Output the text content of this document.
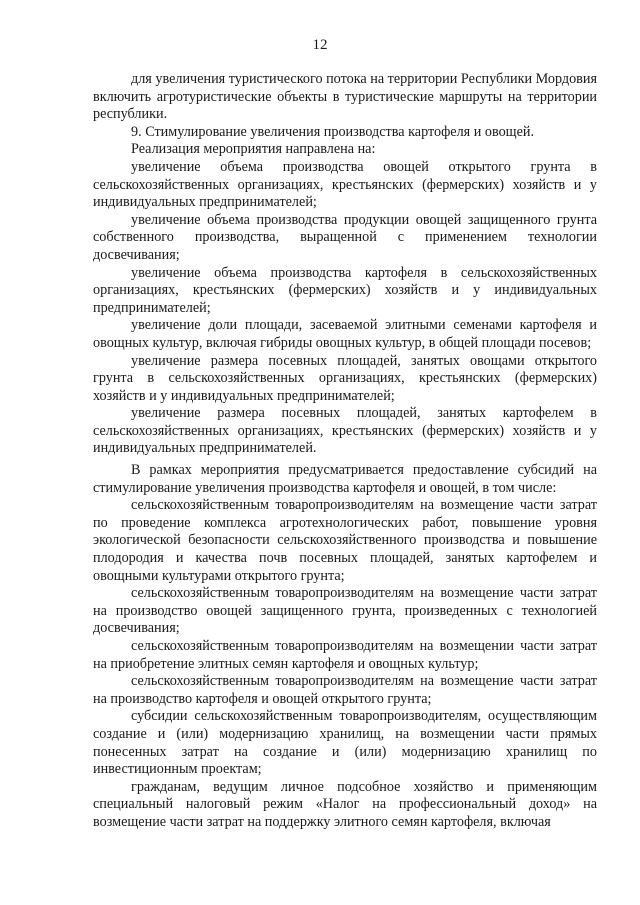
12

для увеличения туристического потока на территории Республики Мордовия включить агротуристические объекты в туристические маршруты на территории республики.

9. Стимулирование увеличения производства картофеля и овощей.

Реализация мероприятия направлена на:

увеличение объема производства овощей открытого грунта в сельскохозяйственных организациях, крестьянских (фермерских) хозяйств и у индивидуальных предпринимателей;

увеличение объема производства продукции овощей защищенного грунта собственного производства, выращенной с применением технологии досвечивания;

увеличение объема производства картофеля в сельскохозяйственных организациях, крестьянских (фермерских) хозяйств и у индивидуальных предпринимателей;

увеличение доли площади, засеваемой элитными семенами картофеля и овощных культур, включая гибриды овощных культур, в общей площади посевов;

увеличение размера посевных площадей, занятых овощами открытого грунта в сельскохозяйственных организациях, крестьянских (фермерских) хозяйств и у индивидуальных предпринимателей;

увеличение размера посевных площадей, занятых картофелем в сельскохозяйственных организациях, крестьянских (фермерских) хозяйств и у индивидуальных предпринимателей.

В рамках мероприятия предусматривается предоставление субсидий на стимулирование увеличения производства картофеля и овощей, в том числе:

сельскохозяйственным товаропроизводителям на возмещение части затрат по проведение комплекса агротехнологических работ, повышение уровня экологической безопасности сельскохозяйственного производства и повышение плодородия и качества почв посевных площадей, занятых картофелем и овощными культурами открытого грунта;

сельскохозяйственным товаропроизводителям на возмещение части затрат на производство овощей защищенного грунта, произведенных с технологией досвечивания;

сельскохозяйственным товаропроизводителям на возмещении части затрат на приобретение элитных семян картофеля и овощных культур;

сельскохозяйственным товаропроизводителям на возмещение части затрат на производство картофеля и овощей открытого грунта;

субсидии сельскохозяйственным товаропроизводителям, осуществляющим создание и (или) модернизацию хранилищ, на возмещении части прямых понесенных затрат на создание и (или) модернизацию хранилищ по инвестиционным проектам;

гражданам, ведущим личное подсобное хозяйство и применяющим специальный налоговый режим «Налог на профессиональный доход» на возмещение части затрат на поддержку элитного семян картофеля, включая
